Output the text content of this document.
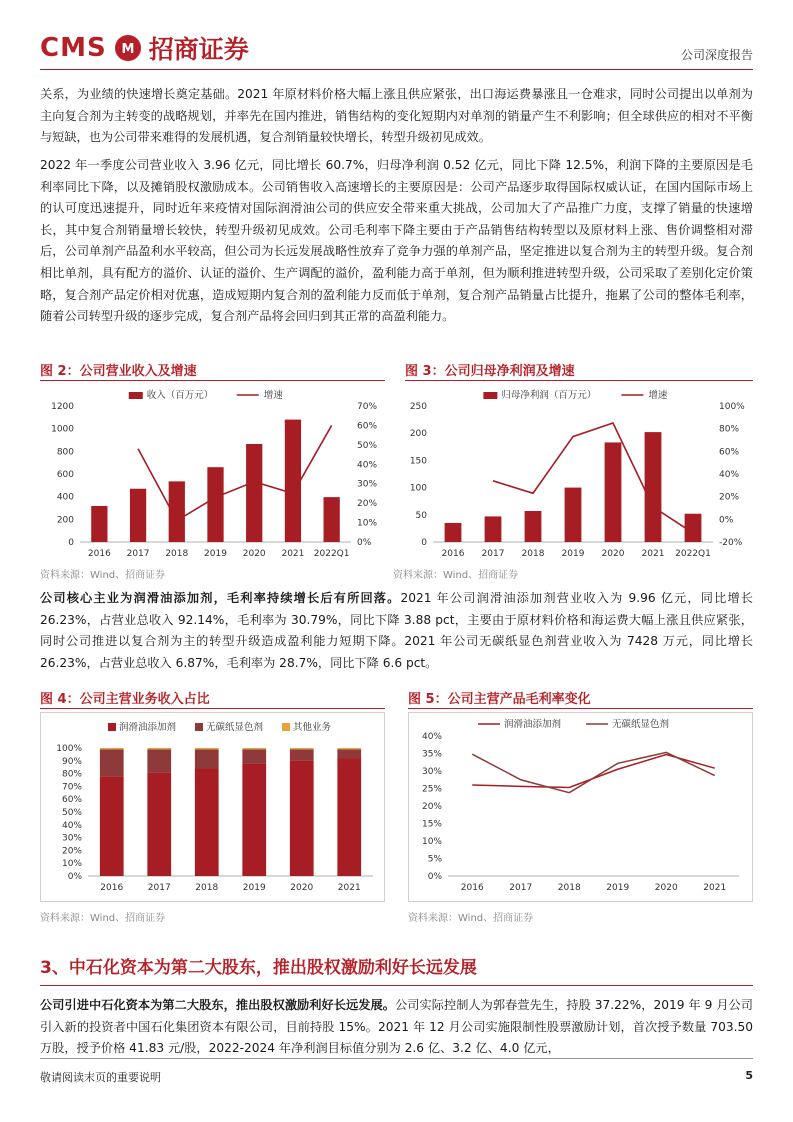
CMS M 招商证券	公司深度报告
关系，为业绩的快速增长奠定基础。2021 年原材料价格大幅上涨且供应紧张，出口海运费暴涨且一仓难求，同时公司提出以单剂为主向复合剂为主转变的战略规划，并率先在国内推进，销售结构的变化短期内对单剂的销量产生不利影响；但全球供应的相对不平衡与短缺，也为公司带来难得的发展机遇，复合剂销量较快增长，转型升级初见成效。
2022 年一季度公司营业收入 3.96 亿元，同比增长 60.7%，归母净利润 0.52 亿元，同比下降 12.5%，利润下降的主要原因是毛利率同比下降，以及摊销股权激励成本。公司销售收入高速增长的主要原因是：公司产品逐步取得国际权威认证，在国内国际市场上的认可度迅速提升，同时近年来疫情对国际润滑油公司的供应安全带来重大挑战，公司加大了产品推广力度，支撑了销量的快速增长，其中复合剂销量增长较快，转型升级初见成效。公司毛利率下降主要由于产品销售结构转型以及原材料上涨、售价调整相对滞后，公司单剂产品盈利水平较高，但公司为长远发展战略性放弃了竞争力强的单剂产品，坚定推进以复合剂为主的转型升级。复合剂相比单剂，具有配方的溢价、认证的溢价、生产调配的溢价，盈利能力高于单剂，但为顺利推进转型升级，公司采取了差别化定价策略，复合剂产品定价相对优惠，造成短期内复合剂的盈利能力反而低于单剂，复合剂产品销量占比提升，拖累了公司的整体毛利率，随着公司转型升级的逐步完成，复合剂产品将会回归到其正常的高盈利能力。
图 2：公司营业收入及增速
0
200
400
600
800
1000
1200
0%
10%
20%
30%
40%
50%
60%
70%
2016 2017 2018 2019 2020 2021 2022Q1
收入（百万元）	增速
资料来源：Wind、招商证券
图 3：公司归母净利润及增速
0
50
100
150
200
250
-20%
0%
20%
40%
60%
80%
100%
2016 2017 2018 2019 2020 2021 2022Q1
归母净利润（百万元）	增速
资料来源：Wind、招商证券
公司核心主业为润滑油添加剂，毛利率持续增长后有所回落。2021 年公司润滑油添加剂营业收入为 9.96 亿元，同比增长 26.23%，占营业总收入 92.14%，毛利率为 30.79%，同比下降 3.88 pct，主要由于原材料价格和海运费大幅上涨且供应紧张，同时公司推进以复合剂为主的转型升级造成盈利能力短期下降。2021 年公司无碳纸显色剂营业收入为 7428 万元，同比增长 26.23%，占营业总收入 6.87%，毛利率为 28.7%，同比下降 6.6 pct。
图 4：公司主营业务收入占比
0%
10%
20%
30%
40%
50%
60%
70%
80%
90%
100%
2016	2017	2018	2019	2020	2021
润滑油添加剂	无碳纸显色剂	其他业务
资料来源：Wind、招商证券
图 5：公司主营产品毛利率变化
0%
5%
10%
15%
20%
25%
30%
35%
40%
2016	2017	2018	2019	2020	2021
润滑油添加剂	无碳纸显色剂
资料来源：Wind、招商证券
3、中石化资本为第二大股东，推出股权激励利好长远发展
公司引进中石化资本为第二大股东，推出股权激励利好长远发展。公司实际控制人为郭春萱先生，持股 37.22%，2019 年 9 月公司引入新的投资者中国石化集团资本有限公司，目前持股 15%。2021 年 12 月公司实施限制性股票激励计划，首次授予数量 703.50 万股，授予价格 41.83 元/股，2022-2024 年净利润目标值分别为 2.6 亿、3.2 亿、4.0 亿元，
敬请阅读末页的重要说明	5
